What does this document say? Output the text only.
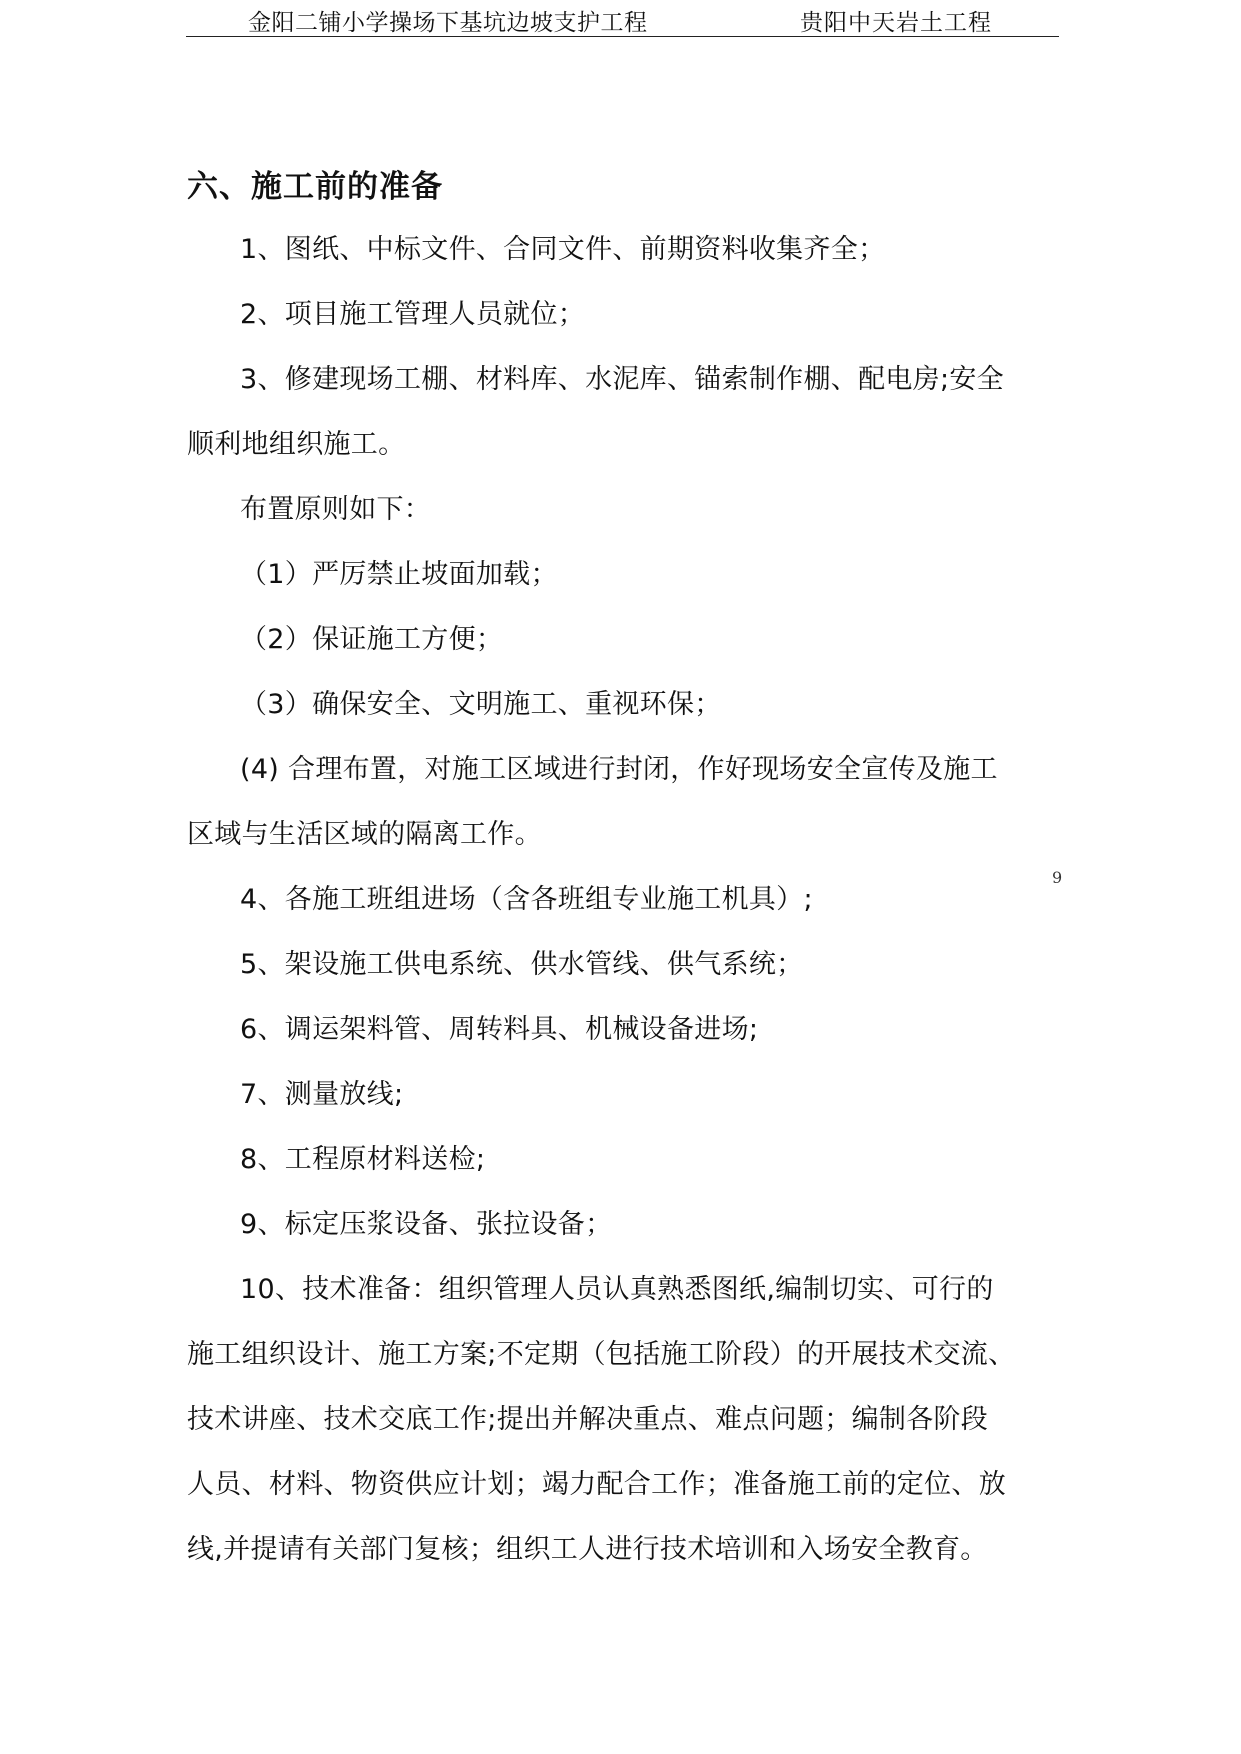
金阳二铺小学操场下基坑边坡支护工程	贵阳中天岩土工程
六、施工前的准备
1、图纸、中标文件、合同文件、前期资料收集齐全；
2、项目施工管理人员就位；
3、修建现场工棚、材料库、水泥库、锚索制作棚、配电房;安全
顺利地组织施工。
布置原则如下：
（1）严厉禁止坡面加载；
（2）保证施工方便；
（3）确保安全、文明施工、重视环保；
(4) 合理布置，对施工区域进行封闭，作好现场安全宣传及施工
区域与生活区域的隔离工作。
4、各施工班组进场（含各班组专业施工机具）;
5、架设施工供电系统、供水管线、供气系统；
6、调运架料管、周转料具、机械设备进场;
7、测量放线;
8、工程原材料送检;
9、标定压浆设备、张拉设备；
10、技术准备：组织管理人员认真熟悉图纸,编制切实、可行的
施工组织设计、施工方案;不定期（包括施工阶段）的开展技术交流、
技术讲座、技术交底工作;提出并解决重点、难点问题；编制各阶段
人员、材料、物资供应计划；竭力配合工作；准备施工前的定位、放
线,并提请有关部门复核；组织工人进行技术培训和入场安全教育。
9
